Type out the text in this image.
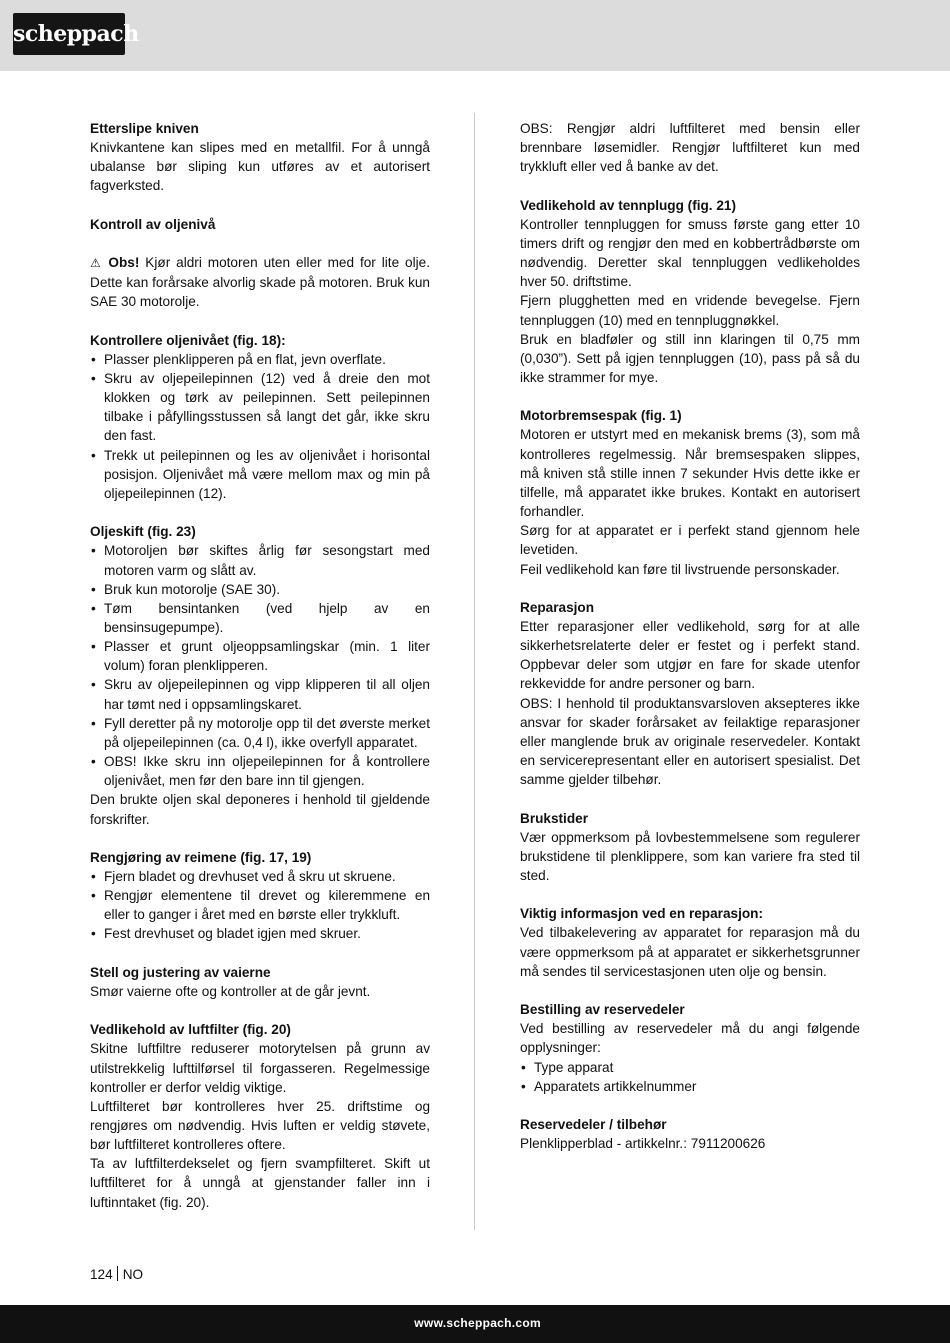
scheppach
Etterslipe kniven
Knivkantene kan slipes med en metallfil. For å unngå ubalanse bør sliping kun utføres av et autorisert fagverksted.
Kontroll av oljenivå
⚠ Obs! Kjør aldri motoren uten eller med for lite olje. Dette kan forårsake alvorlig skade på motoren. Bruk kun SAE 30 motorolje.
Kontrollere oljenivået (fig. 18):
• Plasser plenklipperen på en flat, jevn overflate.
• Skru av oljepeilepinnen (12) ved å dreie den mot klokken og tørk av peilepinnen. Sett peilepinnen tilbake i påfyllingsstussen så langt det går, ikke skru den fast.
• Trekk ut peilepinnen og les av oljenivået i horisontal posisjon. Oljenivået må være mellom max og min på oljepeilepinnen (12).
Oljeskift (fig. 23)
• Motoroljen bør skiftes årlig før sesongstart med motoren varm og slått av.
• Bruk kun motorolje (SAE 30).
• Tøm bensintanken (ved hjelp av en bensinsugepumpe).
• Plasser et grunt oljeoppsamlingskar (min. 1 liter volum) foran plenklipperen.
• Skru av oljepeilepinnen og vipp klipperen til all oljen har tømt ned i oppsamlingskaret.
• Fyll deretter på ny motorolje opp til det øverste merket på oljepeilepinnen (ca. 0,4 l), ikke overfyll apparatet.
• OBS! Ikke skru inn oljepeilepinnen for å kontrollere oljenivået, men før den bare inn til gjengen.
Den brukte oljen skal deponeres i henhold til gjeldende forskrifter.
Rengjøring av reimene (fig. 17, 19)
• Fjern bladet og drevhuset ved å skru ut skruene.
• Rengjør elementene til drevet og kileremmene en eller to ganger i året med en børste eller trykkluft.
• Fest drevhuset og bladet igjen med skruer.
Stell og justering av vaierne
Smør vaierne ofte og kontroller at de går jevnt.
Vedlikehold av luftfilter (fig. 20)
Skitne luftfiltre reduserer motorytelsen på grunn av utilstrekkelig lufttilførsel til forgasseren. Regelmessige kontroller er derfor veldig viktige.
Luftfilteret bør kontrolleres hver 25. driftstime og rengjøres om nødvendig. Hvis luften er veldig støvete, bør luftfilteret kontrolleres oftere.
Ta av luftfilterdekselet og fjern svampfilteret. Skift ut luftfilteret for å unngå at gjenstander faller inn i luftinntaket (fig. 20).
OBS: Rengjør aldri luftfilteret med bensin eller brennbare løsemidler. Rengjør luftfilteret kun med trykkluft eller ved å banke av det.
Vedlikehold av tennplugg (fig. 21)
Kontroller tennpluggen for smuss første gang etter 10 timers drift og rengjør den med en kobbertrådbørste om nødvendig. Deretter skal tennpluggen vedlikeholdes hver 50. driftstime.
Fjern plugghetten med en vridende bevegelse. Fjern tennpluggen (10) med en tennpluggnøkkel.
Bruk en bladføler og still inn klaringen til 0,75 mm (0,030”). Sett på igjen tennpluggen (10), pass på så du ikke strammer for mye.
Motorbremsespak (fig. 1)
Motoren er utstyrt med en mekanisk brems (3), som må kontrolleres regelmessig. Når bremsespaken slippes, må kniven stå stille innen 7 sekunder Hvis dette ikke er tilfelle, må apparatet ikke brukes. Kontakt en autorisert forhandler.
Sørg for at apparatet er i perfekt stand gjennom hele levetiden.
Feil vedlikehold kan føre til livstruende personskader.
Reparasjon
Etter reparasjoner eller vedlikehold, sørg for at alle sikkerhetsrelaterte deler er festet og i perfekt stand. Oppbevar deler som utgjør en fare for skade utenfor rekkevidde for andre personer og barn.
OBS: I henhold til produktansvarsloven aksepteres ikke ansvar for skader forårsaket av feilaktige reparasjoner eller manglende bruk av originale reservedeler. Kontakt en servicerepresentant eller en autorisert spesialist. Det samme gjelder tilbehør.
Brukstider
Vær oppmerksom på lovbestemmelsene som regulerer brukstidene til plenklippere, som kan variere fra sted til sted.
Viktig informasjon ved en reparasjon:
Ved tilbakelevering av apparatet for reparasjon må du være oppmerksom på at apparatet er sikkerhetsgrunner må sendes til servicestasjonen uten olje og bensin.
Bestilling av reservedeler
Ved bestilling av reservedeler må du angi følgende opplysninger:
• Type apparat
• Apparatets artikkelnummer
Reservedeler / tilbehør
Plenklipperblad - artikkelnr.: 7911200626
124 NO
www.scheppach.com
